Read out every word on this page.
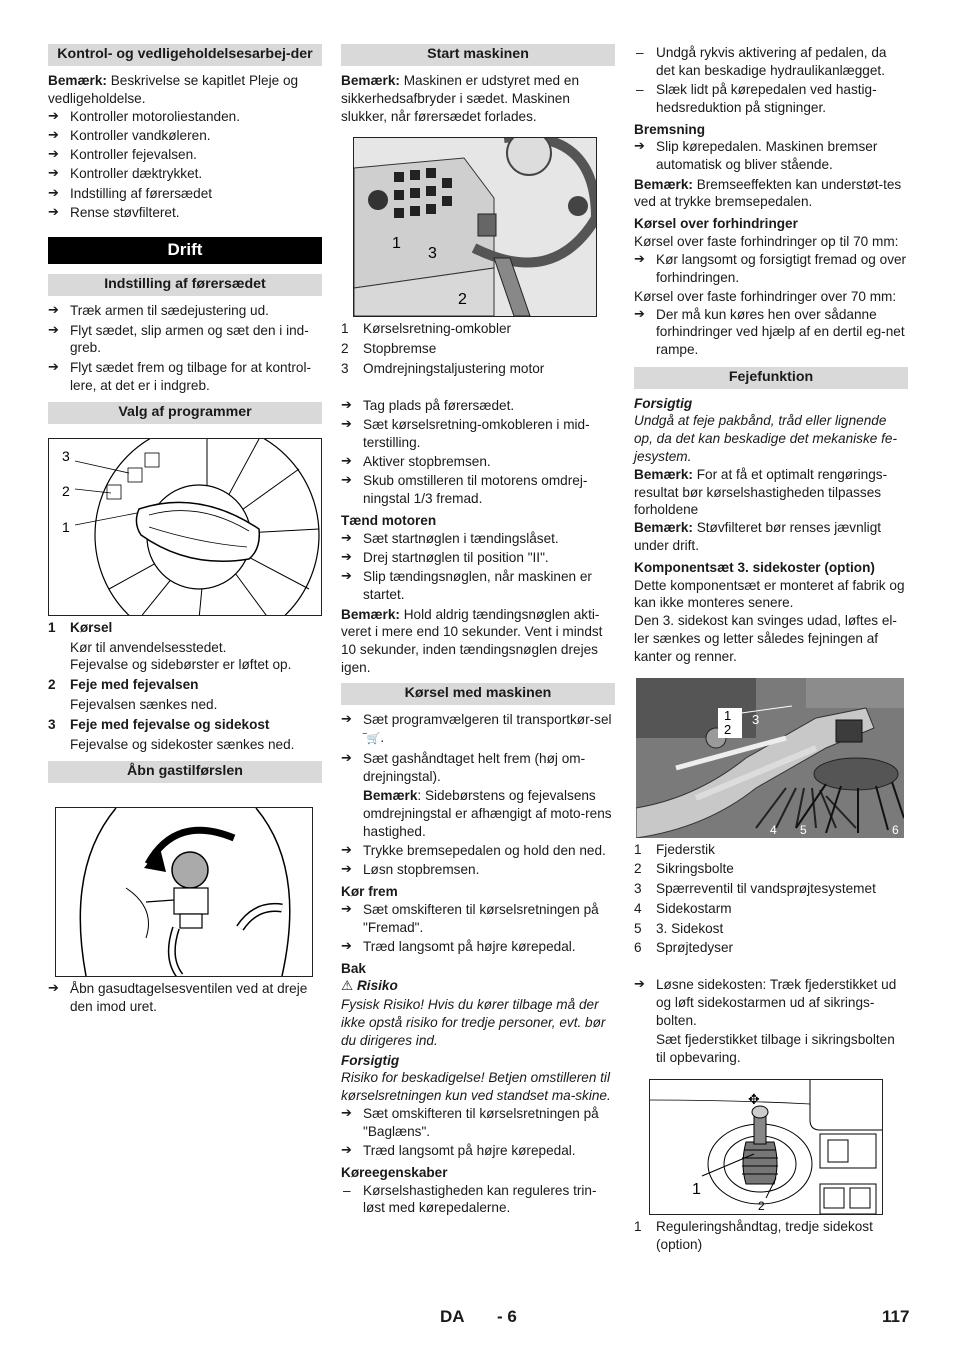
Kontrol- og vedligeholdelsesarbej-der

Bemærk: Beskrivelse se kapitlet Pleje og vedligeholdelse.

➔ Kontroller motoroliestanden.
➔ Kontroller vandkøleren.
➔ Kontroller fejevalsen.
➔ Kontroller dæktrykket.
➔ Indstilling af førersædet
➔ Rense støvfilteret.
Drift
Indstilling af førersædet
➔ Træk armen til sædejustering ud.
➔ Flyt sædet, slip armen og sæt den i ind-greb.
➔ Flyt sædet frem og tilbage for at kontrol-lere, at det er i indgreb.
Valg af programmer
3
2
1
1	Kørsel

Kør til anvendelsesstedet.

Fejevalse og sidebørster er løftet op.

2	Feje med fejevalsen

Fejevalsen sænkes ned.

3	Feje med fejevalse og sidekost

Fejevalse og sidekoster sænkes ned.

Åbn gastilførslen
➔ Åbn gasudtagelsesventilen ved at dreje den imod uret.
Start maskinen

Bemærk: Maskinen er udstyret med en sikkerhedsafbryder i sædet. Maskinen slukker, når førersædet forlades.

1
3
2
1	Kørselsretning-omkobler
2	Stopbremse
3	Omdrejningstaljustering motor
➔ Tag plads på førersædet.
➔ Sæt kørselsretning-omkobleren i mid-terstilling.
➔ Aktiver stopbremsen.
➔ Skub omstilleren til motorens omdrej-ningstal 1/3 fremad.

Tænd motoren

➔ Sæt startnøglen i tændingslåset.
➔ Drej startnøglen til position "II".
➔ Slip tændingsnøglen, når maskinen er startet.

Bemærk: Hold aldrig tændingsnøglen akti-veret i mere end 10 sekunder. Vent i mindst 10 sekunder, inden tændingsnøglen drejes igen.

Kørsel med maskinen
➔ Sæt programvælgeren til transportkør-sel ‾🛒.
➔ Sæt gashåndtaget helt frem (høj om-drejningstal).

Bemærk: Sidebørstens og fejevalsens omdrejningstal er afhængigt af moto-rens hastighed.

➔ Trykke bremsepedalen og hold den ned.
➔ Løsn stopbremsen.

Kør frem

➔ Sæt omskifteren til kørselsretningen på "Fremad".
➔ Træd langsomt på højre kørepedal.

Bak

⚠ Risiko

Fysisk Risiko! Hvis du kører tilbage må der ikke opstå risiko for tredje personer, evt. bør du dirigeres ind.

Forsigtig

Risiko for beskadigelse! Betjen omstilleren til kørselsretningen kun ved standset ma-skine.

➔ Sæt omskifteren til kørselsretningen på "Baglæns".
➔ Træd langsomt på højre kørepedal.

Køreegenskaber

– Kørselshastigheden kan reguleres trin-løst med kørepedalerne.
– Undgå rykvis aktivering af pedalen, da det kan beskadige hydraulikanlægget.
– Slæk lidt på kørepedalen ved hastig-hedsreduktion på stigninger.

Bremsning

➔ Slip kørepedalen. Maskinen bremser automatisk og bliver stående.

Bemærk: Bremseeffekten kan understøt-tes ved at trykke bremsepedalen.

Kørsel over forhindringer

Kørsel over faste forhindringer op til 70 mm:

➔ Kør langsomt og forsigtigt fremad og over forhindringen.

Kørsel over faste forhindringer over 70 mm:

➔ Der må kun køres hen over sådanne forhindringer ved hjælp af en dertil eg-net rampe.
Fejefunktion

Forsigtig

Undgå at feje pakbånd, tråd eller lignende op, da det kan beskadige det mekaniske fe-jesystem.

Bemærk: For at få et optimalt rengørings-resultat bør kørselshastigheden tilpasses forholdene

Bemærk: Støvfilteret bør renses jævnligt under drift.

Komponentsæt 3. sidekoster (option)

Dette komponentsæt er monteret af fabrik og kan ikke monteres senere.

Den 3. sidekost kan svinges udad, løftes el-ler sænkes og letter således fejningen af kanter og renner.

1
2
3
4 5	6
1	Fjederstik
2	Sikringsbolte
3	Spærreventil til vandsprøjtesystemet
4	Sidekostarm
5	3. Sidekost
6	Sprøjtedyser
➔ Løsne sidekosten: Træk fjederstikket ud og løft sidekostarmen ud af sikrings-bolten.

Sæt fjederstikket tilbage i sikringsbolten til opbevaring.

✥
1
2
1	Reguleringshåndtag, tredje sidekost (option)
DA - 6	117
